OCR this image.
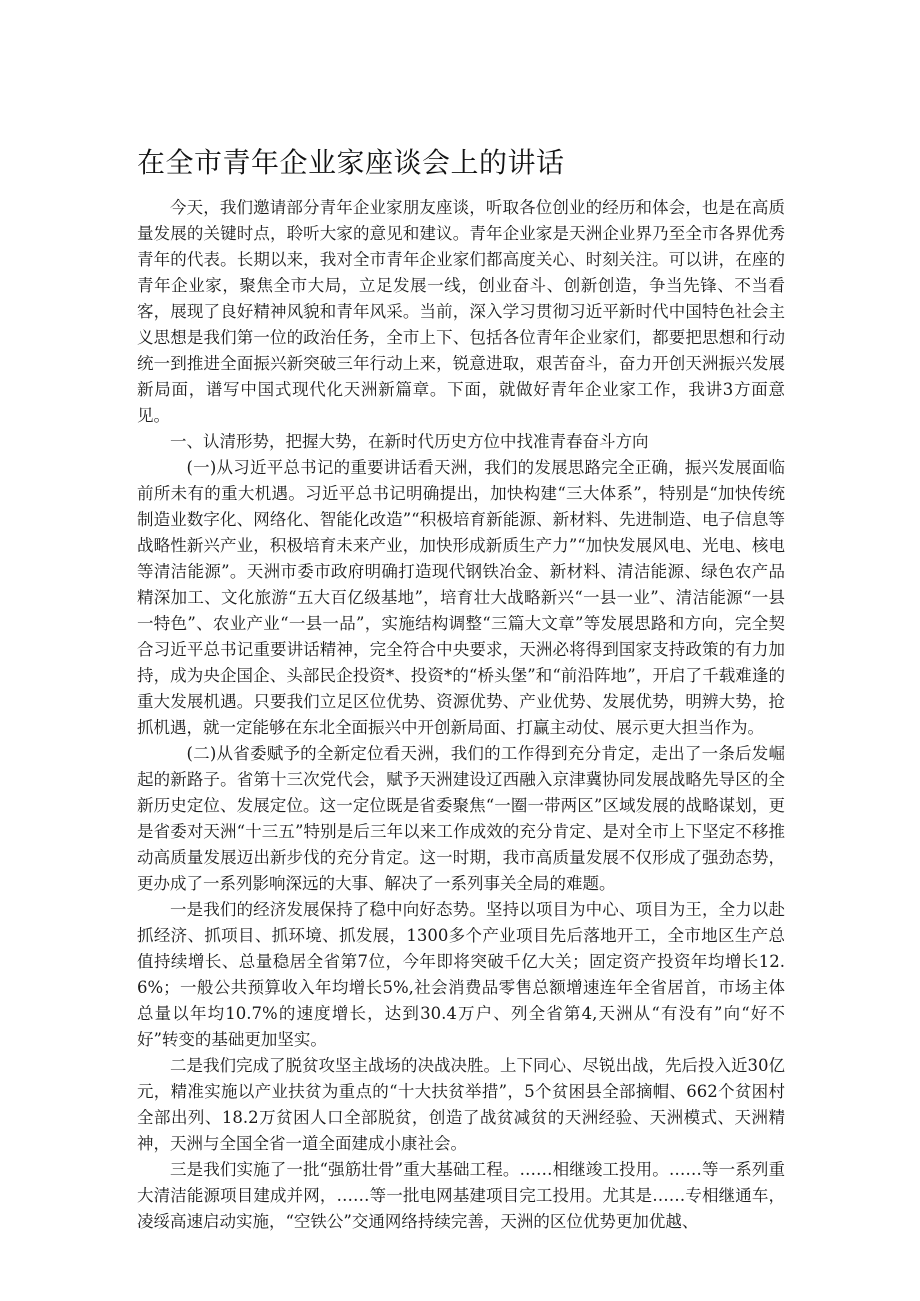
在全市青年企业家座谈会上的讲话

今天，我们邀请部分青年企业家朋友座谈，听取各位创业的经历和体会，也是在高质量发展的关键时点，聆听大家的意见和建议。青年企业家是天洲企业界乃至全市各界优秀青年的代表。长期以来，我对全市青年企业家们都高度关心、时刻关注。可以讲，在座的青年企业家，聚焦全市大局，立足发展一线，创业奋斗、创新创造，争当先锋、不当看客，展现了良好精神风貌和青年风采。当前，深入学习贯彻习近平新时代中国特色社会主义思想是我们第一位的政治任务，全市上下、包括各位青年企业家们，都要把思想和行动统一到推进全面振兴新突破三年行动上来，锐意进取，艰苦奋斗，奋力开创天洲振兴发展新局面，谱写中国式现代化天洲新篇章。下面，就做好青年企业家工作，我讲3方面意见。

一、认清形势，把握大势，在新时代历史方位中找准青春奋斗方向

(一)从习近平总书记的重要讲话看天洲，我们的发展思路完全正确，振兴发展面临前所未有的重大机遇。习近平总书记明确提出，加快构建“三大体系”，特别是“加快传统制造业数字化、网络化、智能化改造”“积极培育新能源、新材料、先进制造、电子信息等战略性新兴产业，积极培育未来产业，加快形成新质生产力”“加快发展风电、光电、核电等清洁能源”。天洲市委市政府明确打造现代钢铁冶金、新材料、清洁能源、绿色农产品精深加工、文化旅游“五大百亿级基地”，培育壮大战略新兴“一县一业”、清洁能源“一县一特色”、农业产业“一县一品”，实施结构调整“三篇大文章”等发展思路和方向，完全契合习近平总书记重要讲话精神，完全符合中央要求，天洲必将得到国家支持政策的有力加持，成为央企国企、头部民企投资*、投资*的“桥头堡”和“前沿阵地”，开启了千载难逢的重大发展机遇。只要我们立足区位优势、资源优势、产业优势、发展优势，明辨大势，抢抓机遇，就一定能够在东北全面振兴中开创新局面、打赢主动仗、展示更大担当作为。

(二)从省委赋予的全新定位看天洲，我们的工作得到充分肯定，走出了一条后发崛起的新路子。省第十三次党代会，赋予天洲建设辽西融入京津冀协同发展战略先导区的全新历史定位、发展定位。这一定位既是省委聚焦“一圈一带两区”区域发展的战略谋划，更是省委对天洲“十三五”特别是后三年以来工作成效的充分肯定、是对全市上下坚定不移推动高质量发展迈出新步伐的充分肯定。这一时期，我市高质量发展不仅形成了强劲态势，更办成了一系列影响深远的大事、解决了一系列事关全局的难题。

一是我们的经济发展保持了稳中向好态势。坚持以项目为中心、项目为王，全力以赴抓经济、抓项目、抓环境、抓发展，1300多个产业项目先后落地开工，全市地区生产总值持续增长、总量稳居全省第7位，今年即将突破千亿大关；固定资产投资年均增长12.6%；一般公共预算收入年均增长5%,社会消费品零售总额增速连年全省居首，市场主体总量以年均10.7%的速度增长，达到30.4万户、列全省第4,天洲从“有没有”向“好不好”转变的基础更加坚实。

二是我们完成了脱贫攻坚主战场的决战决胜。上下同心、尽锐出战，先后投入近30亿元，精准实施以产业扶贫为重点的“十大扶贫举措”，5个贫困县全部摘帽、662个贫困村全部出列、18.2万贫困人口全部脱贫，创造了战贫减贫的天洲经验、天洲模式、天洲精神，天洲与全国全省一道全面建成小康社会。

三是我们实施了一批“强筋壮骨”重大基础工程。……相继竣工投用。……等一系列重大清洁能源项目建成并网，……等一批电网基建项目完工投用。尤其是……专相继通车，凌绥高速启动实施，“空铁公”交通网络持续完善，天洲的区位优势更加优越、
